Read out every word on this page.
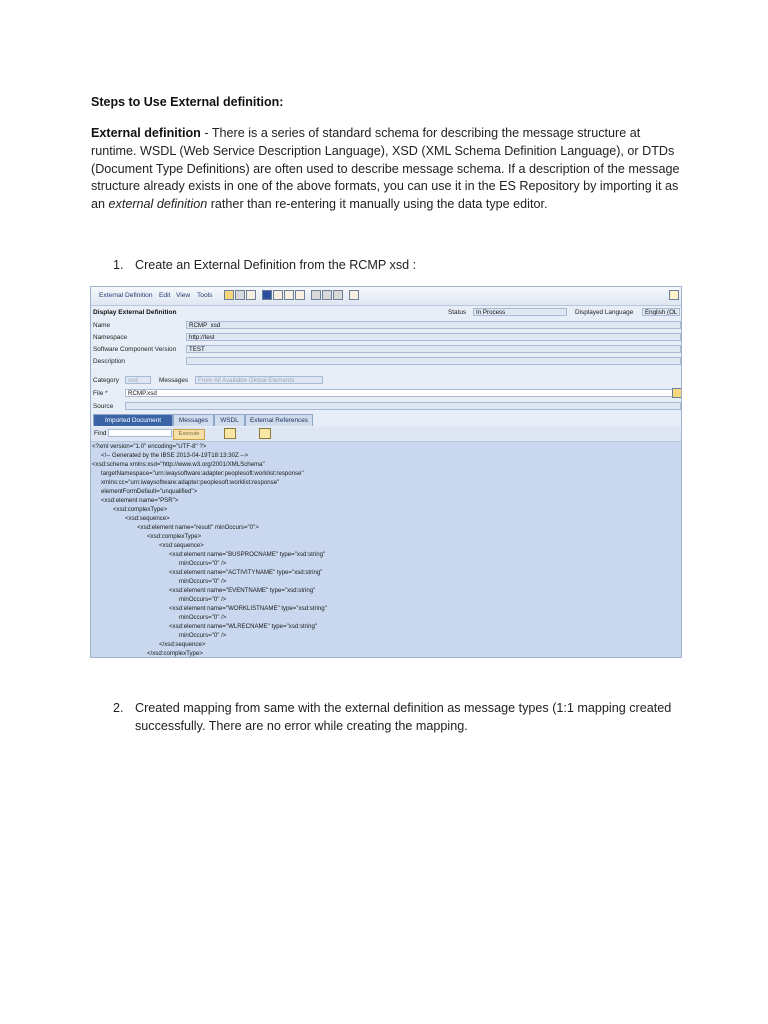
Steps to Use External definition:
External definition - There is a series of standard schema for describing the message structure at runtime. WSDL (Web Service Description Language), XSD (XML Schema Definition Language), or DTDs (Document Type Definitions) are often used to describe message schema. If a description of the message structure already exists in one of the above formats, you can use it in the ES Repository by importing it as an external definition rather than re-entering it manually using the data type editor.
1. Create an External Definition from the RCMP xsd :
External Definition Edit View Tools
Display External Definition	Status	In Process	Displayed Language	English (OL
Name	RCMP_xsd
Namespace	http://test
Software Component Version	TEST
Description
Category	xsd	Messages	From All Available Global Elements
File *	RCMP.xsd
Source
Imported Document	Messages	WSDL	External References
Find	Execute
<?xml version="1.0" encoding="UTF-8" ?>
<!-- Generated by the IBSE 2013-04-19T18:13:30Z -->
<xsd:schema xmlns:xsd="http://www.w3.org/2001/XMLSchema"
targetNamespace="urn:iwaysoftware:adapter:peoplesoft:worklist:response"
xmlns:cc="urn:iwaysoftware:adapter:peoplesoft:worklist:response"
elementFormDefault="unqualified">
<xsd:element name="PSR">
<xsd:complexType>
<xsd:sequence>
<xsd:element name="result" minOccurs="0">
<xsd:complexType>
<xsd:sequence>
<xsd:element name="BUSPROCNAME" type="xsd:string"
minOccurs="0" />
<xsd:element name="ACTIVITYNAME" type="xsd:string"
minOccurs="0" />
<xsd:element name="EVENTNAME" type="xsd:string"
minOccurs="0" />
<xsd:element name="WORKLISTNAME" type="xsd:string"
minOccurs="0" />
<xsd:element name="WLRECNAME" type="xsd:string"
minOccurs="0" />
</xsd:sequence>
</xsd:complexType>
2. Created mapping from same with the external definition as message types (1:1 mapping created successfully. There are no error while creating the mapping.
